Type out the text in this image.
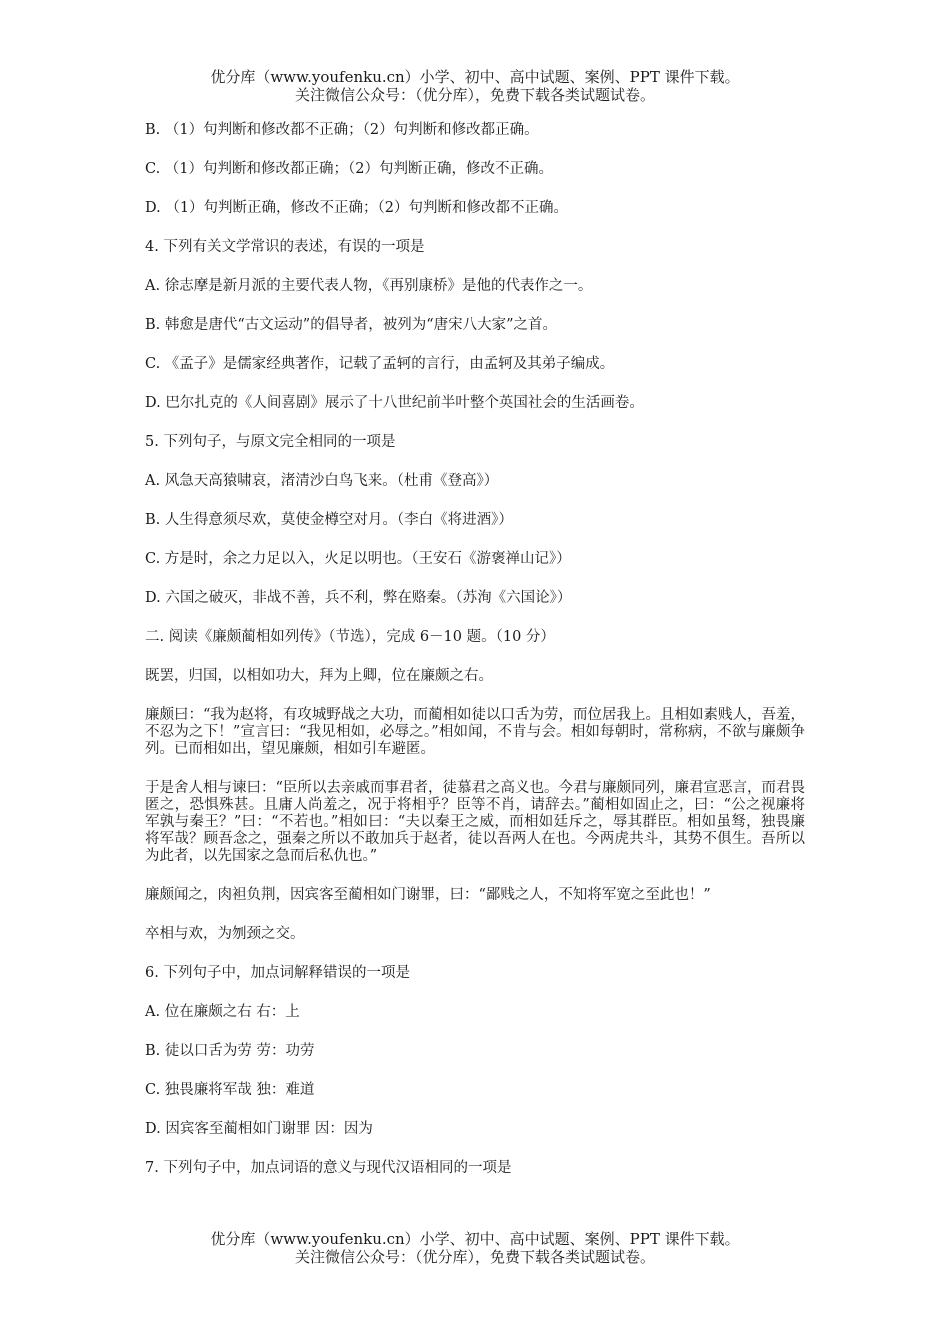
优分库（www.youfenku.cn）小学、初中、高中试题、案例、PPT 课件下载。
关注微信公众号：（优分库），免费下载各类试题试卷。

B. （1）句判断和修改都不正确；（2）句判断和修改都正确。

C. （1）句判断和修改都正确；（2）句判断正确，修改不正确。

D. （1）句判断正确，修改不正确；（2）句判断和修改都不正确。

4. 下列有关文学常识的表述，有误的一项是

A. 徐志摩是新月派的主要代表人物，《再别康桥》是他的代表作之一。

B. 韩愈是唐代“古文运动”的倡导者，被列为“唐宋八大家”之首。

C. 《孟子》是儒家经典著作，记载了孟轲的言行，由孟轲及其弟子编成。

D. 巴尔扎克的《人间喜剧》展示了十八世纪前半叶整个英国社会的生活画卷。

5. 下列句子，与原文完全相同的一项是

A. 风急天高猿啸哀，渚清沙白鸟飞来。（杜甫《登高》）

B. 人生得意须尽欢，莫使金樽空对月。（李白《将进酒》）

C. 方是时，余之力足以入，火足以明也。（王安石《游褒禅山记》）

D. 六国之破灭，非战不善，兵不利，弊在赂秦。（苏洵《六国论》）

二. 阅读《廉颇蔺相如列传》（节选），完成 6－10 题。（10 分）

既罢，归国，以相如功大，拜为上卿，位在廉颇之右。

廉颇曰：“我为赵将，有攻城野战之大功，而蔺相如徒以口舌为劳，而位居我上。且相如素贱人，吾羞，不忍为之下！”宣言曰：“我见相如，必辱之。”相如闻，不肯与会。相如每朝时，常称病，不欲与廉颇争列。已而相如出，望见廉颇，相如引车避匿。

于是舍人相与谏曰：“臣所以去亲戚而事君者，徒慕君之高义也。今君与廉颇同列，廉君宣恶言，而君畏匿之，恐惧殊甚。且庸人尚羞之，况于将相乎？臣等不肖，请辞去。”蔺相如固止之，曰：“公之视廉将军孰与秦王？”曰：“不若也。”相如曰：“夫以秦王之威，而相如廷斥之，辱其群臣。相如虽驽，独畏廉将军哉？顾吾念之，强秦之所以不敢加兵于赵者，徒以吾两人在也。今两虎共斗，其势不俱生。吾所以为此者，以先国家之急而后私仇也。”

廉颇闻之，肉袒负荆，因宾客至蔺相如门谢罪，曰：“鄙贱之人，不知将军宽之至此也！”

卒相与欢，为刎颈之交。

6. 下列句子中，加点词解释错误的一项是

A. 位在廉颇之右 右：上

B. 徒以口舌为劳 劳：功劳

C. 独畏廉将军哉 独：难道

D. 因宾客至蔺相如门谢罪 因：因为

7. 下列句子中，加点词语的意义与现代汉语相同的一项是

优分库（www.youfenku.cn）小学、初中、高中试题、案例、PPT 课件下载。
关注微信公众号：（优分库），免费下载各类试题试卷。
